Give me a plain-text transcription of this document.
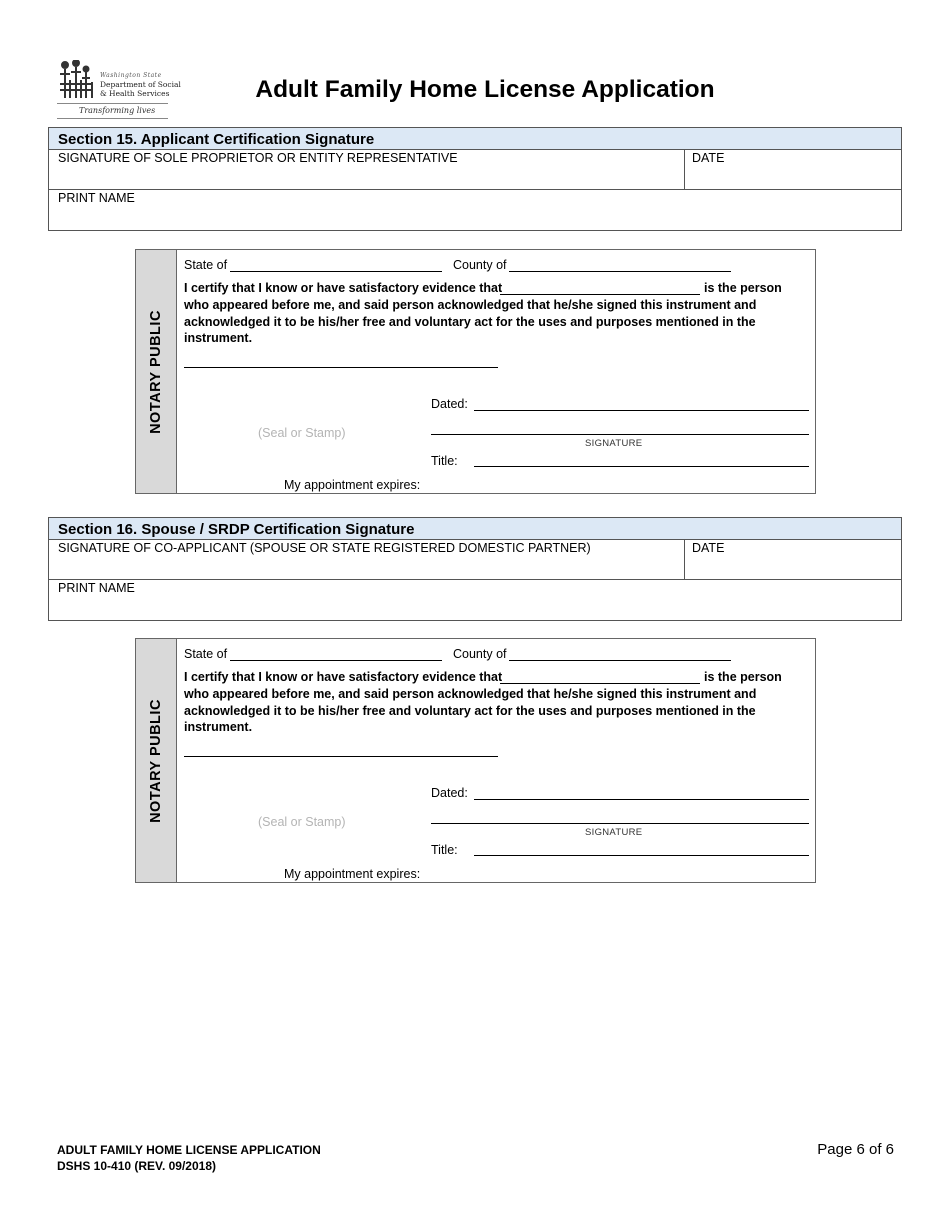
Washington State
Department of Social
& Health Services
Transforming lives
Adult Family Home License Application
Section 15. Applicant Certification Signature
SIGNATURE OF SOLE PROPRIETOR OR ENTITY REPRESENTATIVE	DATE
PRINT NAME
NOTARY PUBLIC
State of	County of
I certify that I know or have satisfactory evidence that	is the person
who appeared before me, and said person acknowledged that he/she signed this instrument and acknowledged it to be his/her free and voluntary act for the uses and purposes mentioned in the instrument.
Dated:
(Seal or Stamp)
SIGNATURE
Title:
My appointment expires:
Section 16. Spouse / SRDP Certification Signature
SIGNATURE OF CO-APPLICANT (SPOUSE OR STATE REGISTERED DOMESTIC PARTNER)	DATE
PRINT NAME
NOTARY PUBLIC
State of	County of
I certify that I know or have satisfactory evidence that	is the person
who appeared before me, and said person acknowledged that he/she signed this instrument and acknowledged it to be his/her free and voluntary act for the uses and purposes mentioned in the instrument.
Dated:
(Seal or Stamp)
SIGNATURE
Title:
My appointment expires:
ADULT FAMILY HOME LICENSE APPLICATION
DSHS 10-410 (REV. 09/2018)
Page 6 of 6
